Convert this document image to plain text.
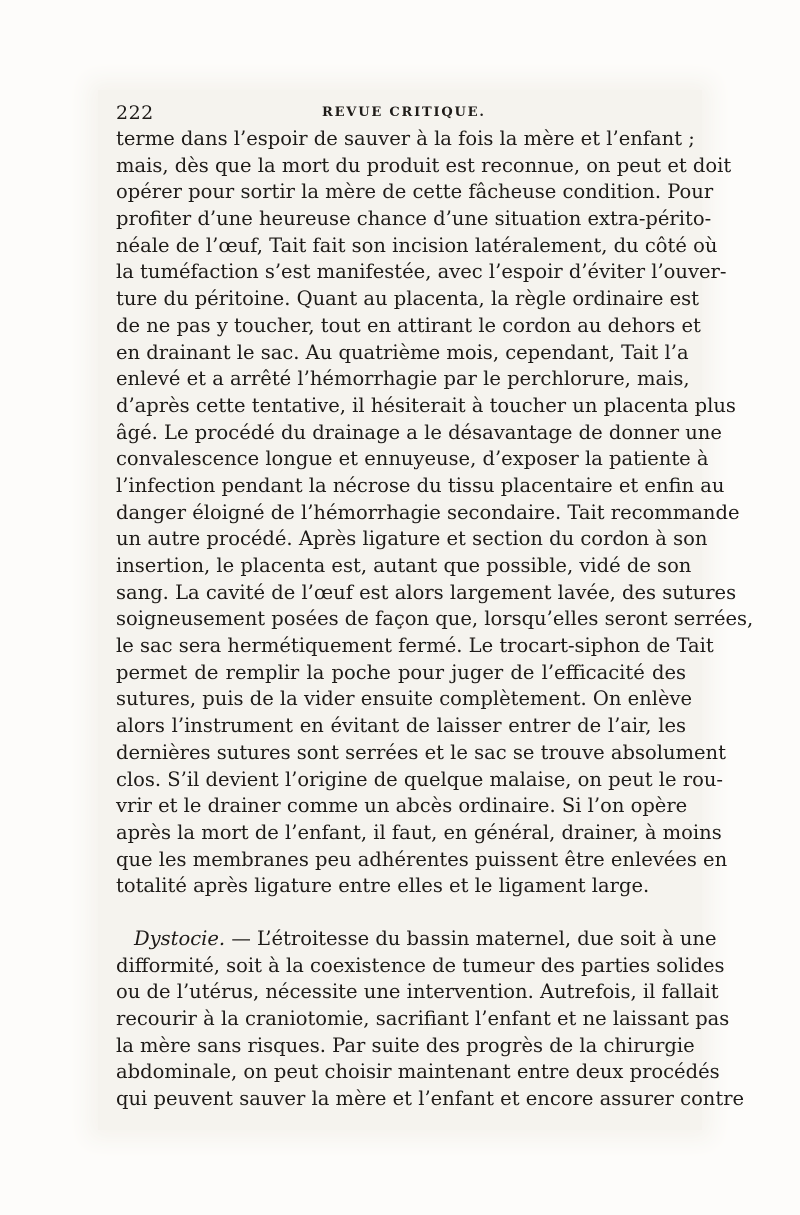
222	REVUE CRITIQUE.
terme dans l’espoir de sauver à la fois la mère et l’enfant ;
mais, dès que la mort du produit est reconnue, on peut et doit
opérer pour sortir la mère de cette fâcheuse condition. Pour
profiter d’une heureuse chance d’une situation extra-périto-
néale de l’œuf, Tait fait son incision latéralement, du côté où
la tuméfaction s’est manifestée, avec l’espoir d’éviter l’ouver-
ture du péritoine. Quant au placenta, la règle ordinaire est
de ne pas y toucher, tout en attirant le cordon au dehors et
en drainant le sac. Au quatrième mois, cependant, Tait l’a
enlevé et a arrêté l’hémorrhagie par le perchlorure, mais,
d’après cette tentative, il hésiterait à toucher un placenta plus
âgé. Le procédé du drainage a le désavantage de donner une
convalescence longue et ennuyeuse, d’exposer la patiente à
l’infection pendant la nécrose du tissu placentaire et enfin au
danger éloigné de l’hémorrhagie secondaire. Tait recommande
un autre procédé. Après ligature et section du cordon à son
insertion, le placenta est, autant que possible, vidé de son
sang. La cavité de l’œuf est alors largement lavée, des sutures
soigneusement posées de façon que, lorsqu’elles seront serrées,
le sac sera hermétiquement fermé. Le trocart-siphon de Tait
permet de remplir la poche pour juger de l’efficacité des
sutures, puis de la vider ensuite complètement. On enlève
alors l’instrument en évitant de laisser entrer de l’air, les
dernières sutures sont serrées et le sac se trouve absolument
clos. S’il devient l’origine de quelque malaise, on peut le rou-
vrir et le drainer comme un abcès ordinaire. Si l’on opère
après la mort de l’enfant, il faut, en général, drainer, à moins
que les membranes peu adhérentes puissent être enlevées en
totalité après ligature entre elles et le ligament large.
Dystocie. — L’étroitesse du bassin maternel, due soit à une
difformité, soit à la coexistence de tumeur des parties solides
ou de l’utérus, nécessite une intervention. Autrefois, il fallait
recourir à la craniotomie, sacrifiant l’enfant et ne laissant pas
la mère sans risques. Par suite des progrès de la chirurgie
abdominale, on peut choisir maintenant entre deux procédés
qui peuvent sauver la mère et l’enfant et encore assurer contre
